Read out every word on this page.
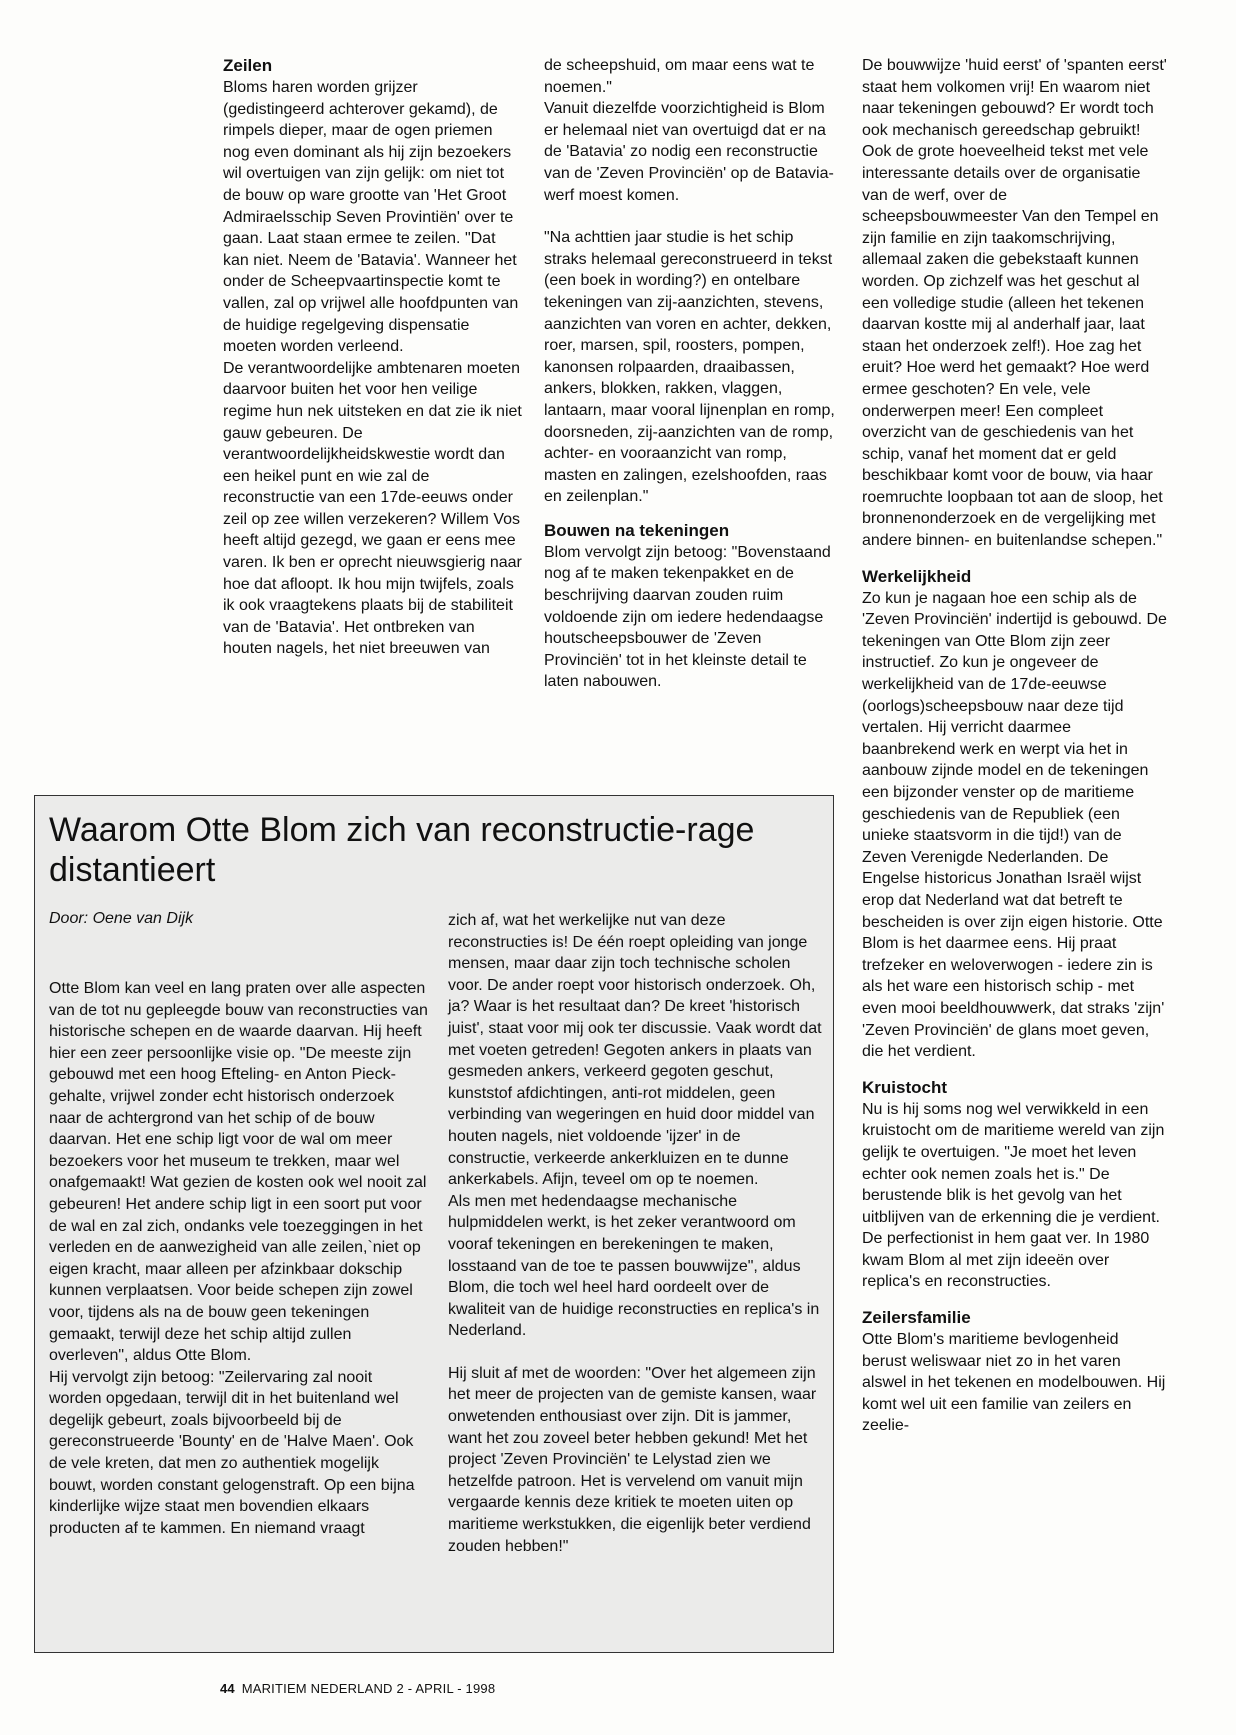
Zeilen

Bloms haren worden grijzer (gedistingeerd achterover gekamd), de rimpels dieper, maar de ogen priemen nog even dominant als hij zijn bezoekers wil overtuigen van zijn gelijk: om niet tot de bouw op ware grootte van 'Het Groot Admiraelsschip Seven Provintiën' over te gaan. Laat staan ermee te zeilen. "Dat kan niet. Neem de 'Batavia'. Wanneer het onder de Scheepvaartinspectie komt te vallen, zal op vrijwel alle hoofdpunten van de huidige regelgeving dispensatie moeten worden verleend.

De verantwoordelijke ambtenaren moeten daarvoor buiten het voor hen veilige regime hun nek uitsteken en dat zie ik niet gauw gebeuren. De verantwoordelijkheidskwestie wordt dan een heikel punt en wie zal de reconstructie van een 17de-eeuws onder zeil op zee willen verzekeren? Willem Vos heeft altijd gezegd, we gaan er eens mee varen. Ik ben er oprecht nieuwsgierig naar hoe dat afloopt. Ik hou mijn twijfels, zoals ik ook vraagtekens plaats bij de stabiliteit van de 'Batavia'. Het ontbreken van houten nagels, het niet breeuwen van

de scheepshuid, om maar eens wat te noemen."

Vanuit diezelfde voorzichtigheid is Blom er helemaal niet van overtuigd dat er na de 'Batavia' zo nodig een reconstructie van de 'Zeven Provinciën' op de Batavia-werf moest komen.

"Na achttien jaar studie is het schip straks helemaal gereconstrueerd in tekst (een boek in wording?) en ontelbare tekeningen van zij-aanzichten, stevens, aanzichten van voren en achter, dekken, roer, marsen, spil, roosters, pompen, kanonsen rolpaarden, draaibassen, ankers, blokken, rakken, vlaggen, lantaarn, maar vooral lijnenplan en romp, doorsneden, zij-aanzichten van de romp, achter- en vooraanzicht van romp, masten en zalingen, ezelshoofden, raas en zeilenplan."

Bouwen na tekeningen

Blom vervolgt zijn betoog: "Bovenstaand nog af te maken tekenpakket en de beschrijving daarvan zouden ruim voldoende zijn om iedere hedendaagse houtscheepsbouwer de 'Zeven Provinciën' tot in het kleinste detail te laten nabouwen.

De bouwwijze 'huid eerst' of 'spanten eerst' staat hem volkomen vrij! En waarom niet naar tekeningen gebouwd? Er wordt toch ook mechanisch gereedschap gebruikt! Ook de grote hoeveelheid tekst met vele interessante details over de organisatie van de werf, over de scheepsbouwmeester Van den Tempel en zijn familie en zijn taakomschrijving, allemaal zaken die gebekstaaft kunnen worden. Op zichzelf was het geschut al een volledige studie (alleen het tekenen daarvan kostte mij al anderhalf jaar, laat staan het onderzoek zelf!). Hoe zag het eruit? Hoe werd het gemaakt? Hoe werd ermee geschoten? En vele, vele onderwerpen meer! Een compleet overzicht van de geschiedenis van het schip, vanaf het moment dat er geld beschikbaar komt voor de bouw, via haar roemruchte loopbaan tot aan de sloop, het bronnenonderzoek en de vergelijking met andere binnen- en buitenlandse schepen."

Werkelijkheid

Zo kun je nagaan hoe een schip als de 'Zeven Provinciën' indertijd is gebouwd. De tekeningen van Otte Blom zijn zeer instructief. Zo kun je ongeveer de werkelijkheid van de 17de-eeuwse (oorlogs)scheepsbouw naar deze tijd vertalen. Hij verricht daarmee baanbrekend werk en werpt via het in aanbouw zijnde model en de tekeningen een bijzonder venster op de maritieme geschiedenis van de Republiek (een unieke staatsvorm in die tijd!) van de Zeven Verenigde Nederlanden. De Engelse historicus Jonathan Israël wijst erop dat Nederland wat dat betreft te bescheiden is over zijn eigen historie. Otte Blom is het daarmee eens. Hij praat trefzeker en weloverwogen - iedere zin is als het ware een historisch schip - met even mooi beeldhouwwerk, dat straks 'zijn' 'Zeven Provinciën' de glans moet geven, die het verdient.

Kruistocht

Nu is hij soms nog wel verwikkeld in een kruistocht om de maritieme wereld van zijn gelijk te overtuigen. "Je moet het leven echter ook nemen zoals het is." De berustende blik is het gevolg van het uitblijven van de erkenning die je verdient. De perfectionist in hem gaat ver. In 1980 kwam Blom al met zijn ideeën over replica's en reconstructies.

Zeilersfamilie

Otte Blom's maritieme bevlogenheid berust weliswaar niet zo in het varen alswel in het tekenen en modelbouwen. Hij komt wel uit een familie van zeilers en zeelie-

Waarom Otte Blom zich van reconstructie-rage distantieert

Door: Oene van Dijk

Otte Blom kan veel en lang praten over alle aspecten van de tot nu gepleegde bouw van reconstructies van historische schepen en de waarde daarvan. Hij heeft hier een zeer persoonlijke visie op. "De meeste zijn gebouwd met een hoog Efteling- en Anton Pieck-gehalte, vrijwel zonder echt historisch onderzoek naar de achtergrond van het schip of de bouw daarvan. Het ene schip ligt voor de wal om meer bezoekers voor het museum te trekken, maar wel onafgemaakt! Wat gezien de kosten ook wel nooit zal gebeuren! Het andere schip ligt in een soort put voor de wal en zal zich, ondanks vele toezeggingen in het verleden en de aanwezigheid van alle zeilen,`niet op eigen kracht, maar alleen per afzinkbaar dokschip kunnen verplaatsen. Voor beide schepen zijn zowel voor, tijdens als na de bouw geen tekeningen gemaakt, terwijl deze het schip altijd zullen overleven", aldus Otte Blom.

Hij vervolgt zijn betoog: "Zeilervaring zal nooit worden opgedaan, terwijl dit in het buitenland wel degelijk gebeurt, zoals bijvoorbeeld bij de gereconstrueerde 'Bounty' en de 'Halve Maen'. Ook de vele kreten, dat men zo authentiek mogelijk bouwt, worden constant gelogenstraft. Op een bijna kinderlijke wijze staat men bovendien elkaars producten af te kammen. En niemand vraagt

zich af, wat het werkelijke nut van deze reconstructies is! De één roept opleiding van jonge mensen, maar daar zijn toch technische scholen voor. De ander roept voor historisch onderzoek. Oh, ja? Waar is het resultaat dan? De kreet 'historisch juist', staat voor mij ook ter discussie. Vaak wordt dat met voeten getreden! Gegoten ankers in plaats van gesmeden ankers, verkeerd gegoten geschut, kunststof afdichtingen, anti-rot middelen, geen verbinding van wegeringen en huid door middel van houten nagels, niet voldoende 'ijzer' in de constructie, verkeerde ankerkluizen en te dunne ankerkabels. Afijn, teveel om op te noemen.

Als men met hedendaagse mechanische hulpmiddelen werkt, is het zeker verantwoord om vooraf tekeningen en berekeningen te maken, losstaand van de toe te passen bouwwijze", aldus Blom, die toch wel heel hard oordeelt over de kwaliteit van de huidige reconstructies en replica's in Nederland.

Hij sluit af met de woorden: "Over het algemeen zijn het meer de projecten van de gemiste kansen, waar onwetenden enthousiast over zijn. Dit is jammer, want het zou zoveel beter hebben gekund! Met het project 'Zeven Provinciën' te Lelystad zien we hetzelfde patroon. Het is vervelend om vanuit mijn vergaarde kennis deze kritiek te moeten uiten op maritieme werkstukken, die eigenlijk beter verdiend zouden hebben!"

44 MARITIEM NEDERLAND 2 - APRIL - 1998
